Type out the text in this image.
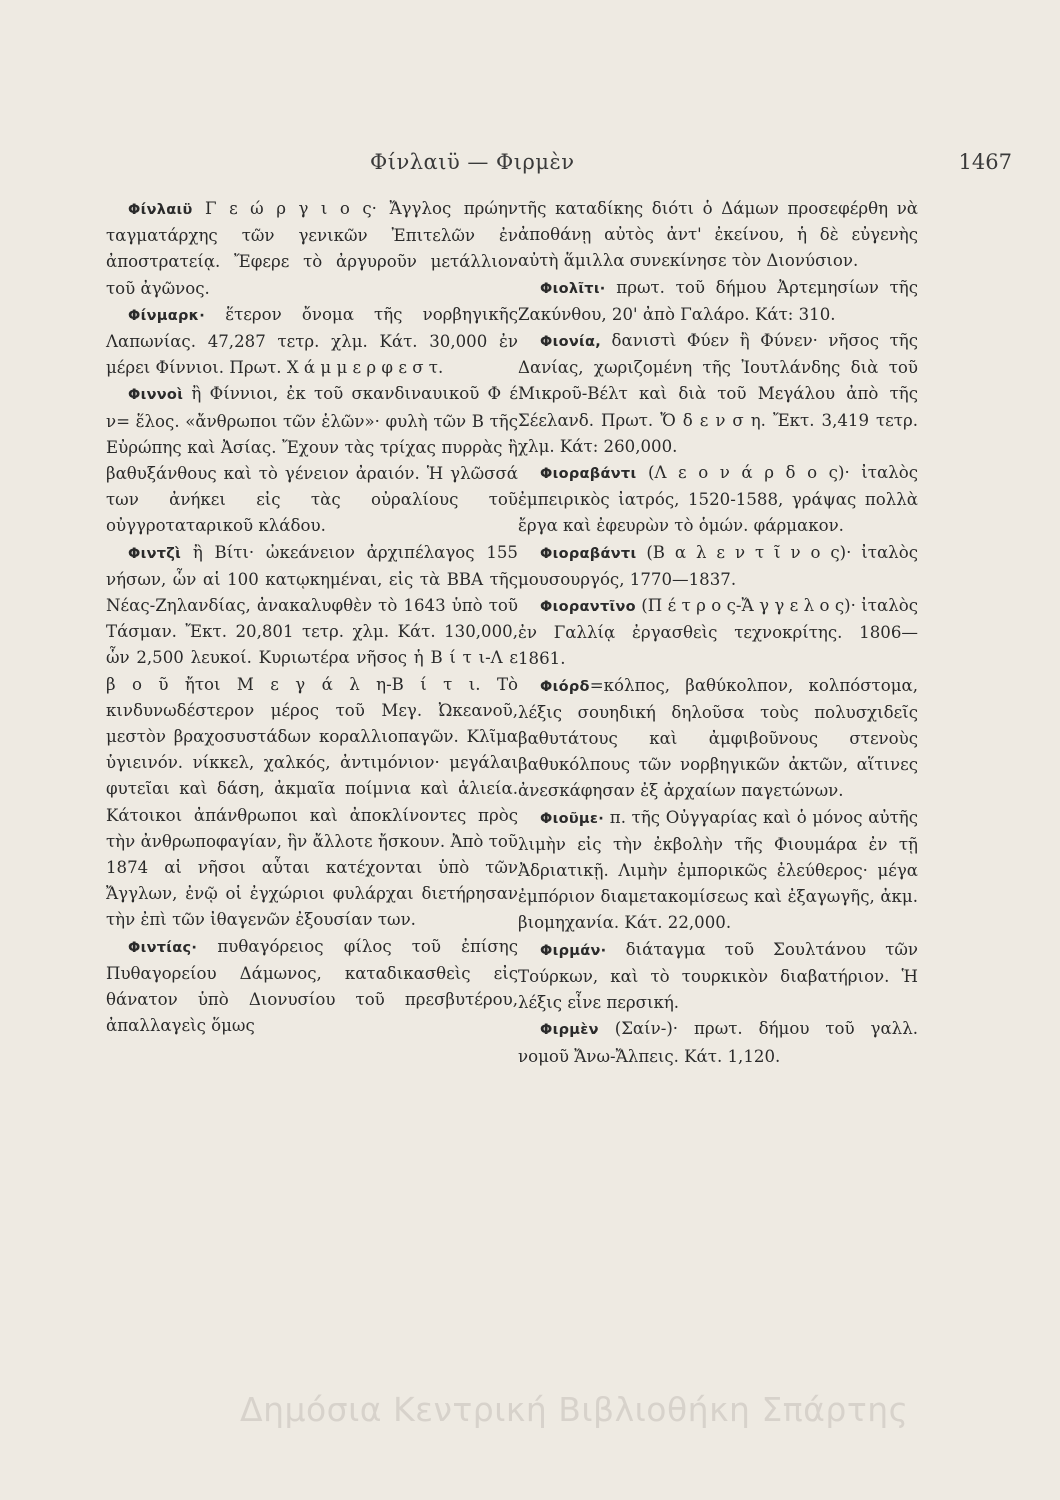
Φίνλαιϋ — Φιρμὲν	1467

Φίνλαιϋ Γ ε ώ ρ γ ι ο ς· Ἄγγλος πρώην ταγματάρχης τῶν γενικῶν Ἐπιτελῶν ἐν ἀποστρατείᾳ. Ἔφερε τὸ ἀργυροῦν μετάλλιον τοῦ ἀγῶνος.

Φίνμαρκ· ἕτερον ὄνομα τῆς νορβηγικῆς Λαπωνίας. 47,287 τετρ. χλμ. Κάτ. 30,000 ἐν μέρει Φίννιοι. Πρωτ. Χ ά μ μ ε ρ φ ε σ τ.

Φιννοὶ ἢ Φίννιοι, ἐκ τοῦ σκανδιναυικοῦ Φ έ ν= ἕλος. «ἄνθρωποι τῶν ἑλῶν»· φυλὴ τῶν Β τῆς Εὐρώπης καὶ Ἀσίας. Ἔχουν τὰς τρίχας πυρρὰς ἢ βαθυξάνθους καὶ τὸ γένειον ἀραιόν. Ἡ γλῶσσά των ἀνήκει εἰς τὰς οὐραλίους τοῦ οὐγγροταταρικοῦ κλάδου.

Φιντζὶ ἢ Βίτι· ὠκεάνειον ἀρχιπέλαγος 155 νήσων, ὧν αἱ 100 κατῳκημέναι, εἰς τὰ ΒΒΑ τῆς Νέας-Ζηλανδίας, ἀνακαλυφθὲν τὸ 1643 ὑπὸ τοῦ Τάσμαν. Ἔκτ. 20,801 τετρ. χλμ. Κάτ. 130,000, ὧν 2,500 λευκοί. Κυριωτέρα νῆσος ἡ Β ί τ ι-Λ ε β ο ῦ ἤτοι Μ ε γ ά λ η-Β ί τ ι. Τὸ κινδυνωδέστερον μέρος τοῦ Μεγ. Ὠκεανοῦ, μεστὸν βραχοσυστάδων κοραλλιοπαγῶν. Κλῖμα ὑγιεινόν. νίκκελ, χαλκός, ἀντιμόνιον· μεγάλαι φυτεῖαι καὶ δάση, ἀκμαῖα ποίμνια καὶ ἁλιεία. Κάτοικοι ἀπάνθρωποι καὶ ἀποκλίνοντες πρὸς τὴν ἀνθρωποφαγίαν, ἣν ἄλλοτε ἤσκουν. Ἀπὸ τοῦ 1874 αἱ νῆσοι αὗται κατέχονται ὑπὸ τῶν Ἄγγλων, ἐνῷ οἱ ἐγχώριοι φυλάρχαι διετήρησαν τὴν ἐπὶ τῶν ἰθαγενῶν ἐξουσίαν των.

Φιντίας· πυθαγόρειος φίλος τοῦ ἐπίσης Πυθαγορείου Δάμωνος, καταδικασθεὶς εἰς θάνατον ὑπὸ Διονυσίου τοῦ πρεσβυτέρου, ἀπαλλαγεὶς ὅμως

τῆς καταδίκης διότι ὁ Δάμων προσεφέρθη νὰ ἀποθάνῃ αὐτὸς ἀντ' ἐκείνου, ἡ δὲ εὐγενὴς αὐτὴ ἅμιλλα συνεκίνησε τὸν Διονύσιον.

Φιολῖτι· πρωτ. τοῦ δήμου Ἀρτεμησίων τῆς Ζακύνθου, 20' ἀπὸ Γαλάρο. Κάτ: 310.

Φιονία, δανιστὶ Φύεν ἢ Φύνεν· νῆσος τῆς Δανίας, χωριζομένη τῆς Ἰουτλάνδης διὰ τοῦ Μικροῦ-Βέλτ καὶ διὰ τοῦ Μεγάλου ἀπὸ τῆς Σέελανδ. Πρωτ. Ὄ δ ε ν σ η. Ἔκτ. 3,419 τετρ. χλμ. Κάτ: 260,000.

Φιοραβάντι (Λ ε ο ν ά ρ δ ο ς)· ἰταλὸς ἐμπειρικὸς ἰατρός, 1520-1588, γράψας πολλὰ ἔργα καὶ ἐφευρὼν τὸ ὁμών. φάρμακον.

Φιοραβάντι (Β α λ ε ν τ ῖ ν ο ς)· ἰταλὸς μουσουργός, 1770—1837.

Φιοραντῖνο (Π έ τ ρ ο ς-Ἄ γ γ ε λ ο ς)· ἰταλὸς ἐν Γαλλίᾳ ἐργασθεὶς τεχνοκρίτης. 1806—1861.

Φιόρδ=κόλπος, βαθύκολπον, κολπόστομα, λέξις σουηδική δηλοῦσα τοὺς πολυσχιδεῖς βαθυτάτους καὶ ἀμφιβοῦνους στενοὺς βαθυκόλπους τῶν νορβηγικῶν ἀκτῶν, αἵτινες ἀνεσκάφησαν ἐξ ἀρχαίων παγετώνων.

Φιοῦμε· π. τῆς Οὐγγαρίας καὶ ὁ μόνος αὐτῆς λιμὴν εἰς τὴν ἐκβολὴν τῆς Φιουμάρα ἐν τῇ Ἀδριατικῇ. Λιμὴν ἐμπορικῶς ἐλεύθερος· μέγα ἐμπόριον διαμετακομίσεως καὶ ἐξαγωγῆς, ἀκμ. βιομηχανία. Κάτ. 22,000.

Φιρμάν· διάταγμα τοῦ Σουλτάνου τῶν Τούρκων, καὶ τὸ τουρκικὸν διαβατήριον. Ἡ λέξις εἶνε περσική.

Φιρμὲν (Σαίν-)· πρωτ. δήμου τοῦ γαλλ. νομοῦ Ἄνω-Ἄλπεις. Κάτ. 1,120.

Δημόσια Κεντρική Βιβλιοθήκη Σπάρτης
